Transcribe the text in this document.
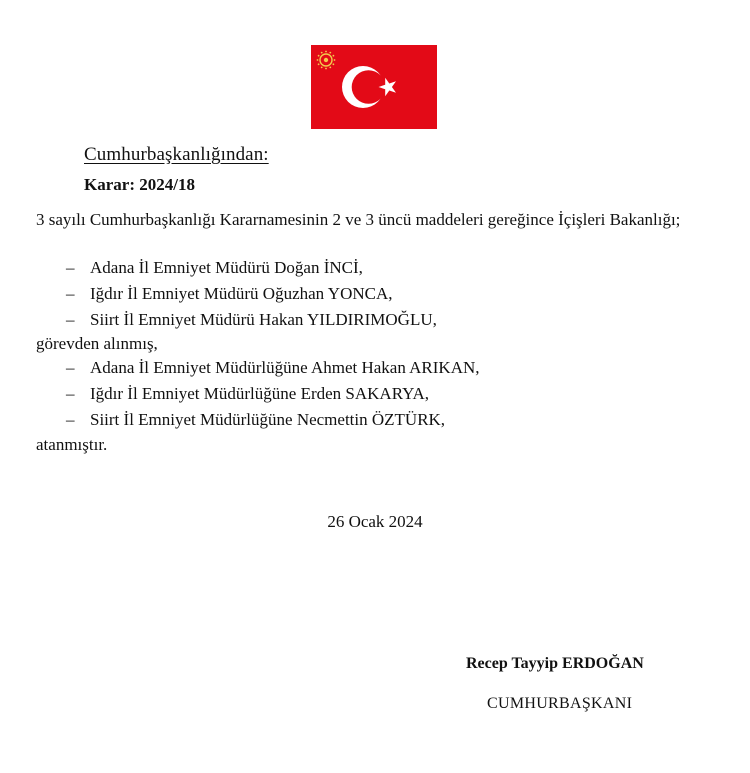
Cumhurbaşkanlığından:
Karar: 2024/18
3 sayılı Cumhurbaşkanlığı Kararnamesinin 2 ve 3 üncü maddeleri gereğince İçişleri Bakanlığı;
– Adana İl Emniyet Müdürü Doğan İNCİ,
– Iğdır İl Emniyet Müdürü Oğuzhan YONCA,
– Siirt İl Emniyet Müdürü Hakan YILDIRIMOĞLU,
görevden alınmış,
– Adana İl Emniyet Müdürlüğüne Ahmet Hakan ARIKAN,
– Iğdır İl Emniyet Müdürlüğüne Erden SAKARYA,
– Siirt İl Emniyet Müdürlüğüne Necmettin ÖZTÜRK,
atanmıştır.
26 Ocak 2024
Recep Tayyip ERDOĞAN
CUMHURBAŞKANI
